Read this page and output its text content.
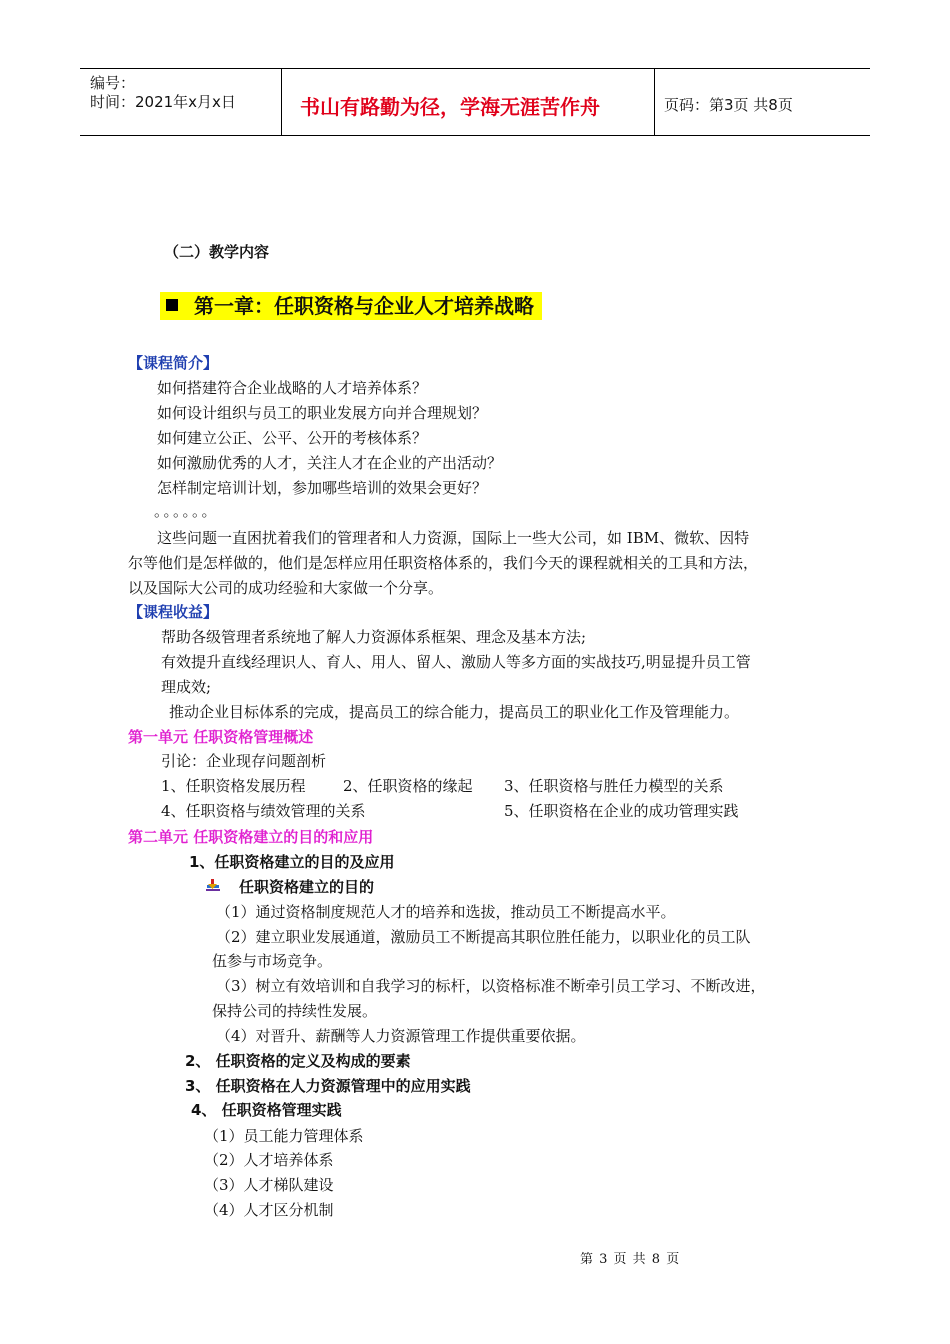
编号：
时间：2021年x月x日	书山有路勤为径，学海无涯苦作舟	页码：第3页 共8页
（二）教学内容
第一章：任职资格与企业人才培养战略
【课程简介】
如何搭建符合企业战略的人才培养体系？
如何设计组织与员工的职业发展方向并合理规划？
如何建立公正、公平、公开的考核体系？
如何激励优秀的人才，关注人才在企业的产出活动？
怎样制定培训计划，参加哪些培训的效果会更好？
。。。。。。
这些问题一直困扰着我们的管理者和人力资源，国际上一些大公司，如 IBM、微软、因特
尔等他们是怎样做的，他们是怎样应用任职资格体系的，我们今天的课程就相关的工具和方法，
以及国际大公司的成功经验和大家做一个分享。
【课程收益】
帮助各级管理者系统地了解人力资源体系框架、理念及基本方法;
有效提升直线经理识人、育人、用人、留人、激励人等多方面的实战技巧,明显提升员工管
理成效;
推动企业目标体系的完成，提高员工的综合能力，提高员工的职业化工作及管理能力。
第一单元 任职资格管理概述
引论：企业现存问题剖析
1、任职资格发展历程 2、任职资格的缘起 3、任职资格与胜任力模型的关系
4、任职资格与绩效管理的关系	5、任职资格在企业的成功管理实践
第二单元 任职资格建立的目的和应用
1、任职资格建立的目的及应用
任职资格建立的目的
（1）通过资格制度规范人才的培养和选拔，推动员工不断提高水平。
（2）建立职业发展通道，激励员工不断提高其职位胜任能力，以职业化的员工队
伍参与市场竞争。
（3）树立有效培训和自我学习的标杆，以资格标准不断牵引员工学习、不断改进，
保持公司的持续性发展。
（4）对晋升、薪酬等人力资源管理工作提供重要依据。
2、 任职资格的定义及构成的要素
3、 任职资格在人力资源管理中的应用实践
4、 任职资格管理实践
（1）员工能力管理体系
（2）人才培养体系
（3）人才梯队建设
（4）人才区分机制
第 3 页 共 8 页
